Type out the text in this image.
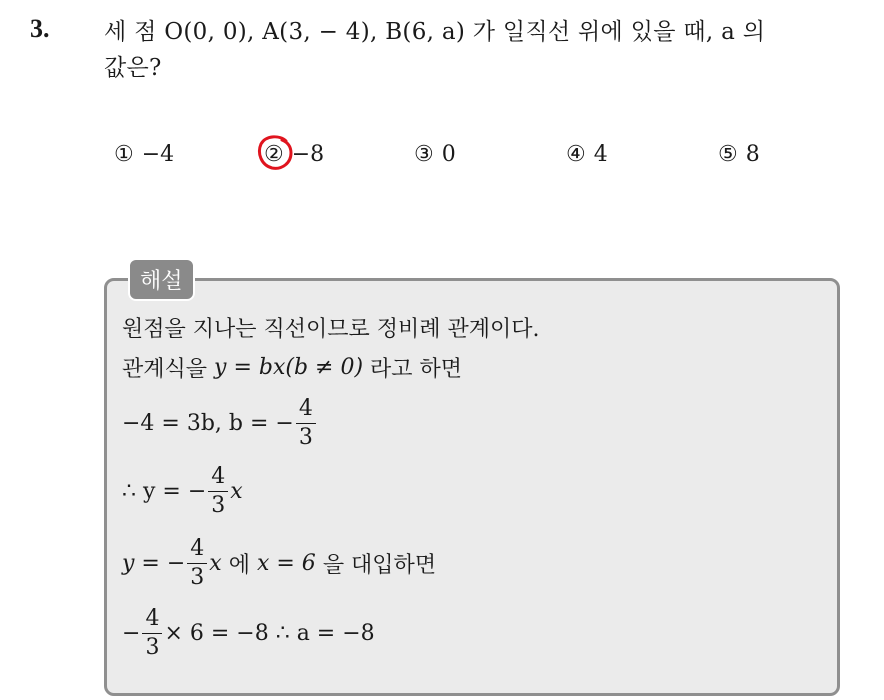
3. 세 점 O(0, 0), A(3, − 4), B(6, a) 가 일직선 위에 있을 때, a 의
값은?
① −4	② −8	③ 0	④ 4	⑤ 8
해설
원점을 지나는 직선이므로 정비례 관계이다.
관계식을
y = bx(b ≠ 0)
라고 하면
−4 = 3b, b = − $\frac{4}{3}$
∴ y = − $\frac{4}{3}$ x
y = − $\frac{4}{3}$ x
에
x = 6
을 대입하면
− $\frac{4}{3} \times 6 = -8$ ∴ a = −8
